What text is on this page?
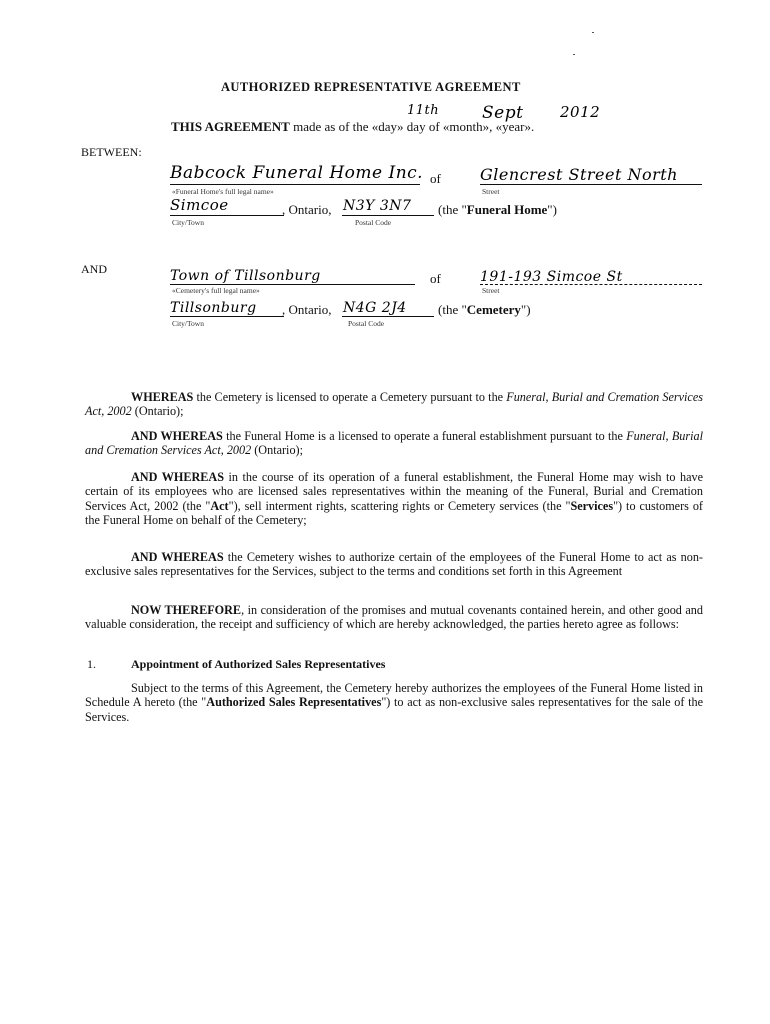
AUTHORIZED REPRESENTATIVE AGREEMENT
THIS AGREEMENT made as of the «day» day of «month», «year».
11th	Sept 2012
BETWEEN:
Babcock Funeral Home Inc. of Glencrest Street North
«Funeral Home's full legal name»	Street
Simcoe	, Ontario, N3Y 3N7 (the "Funeral Home")
City/Town	Postal Code
AND	Town of Tillsonburg	of	191-193 Simcoe St
«Cemetery's full legal name»	Street
Tillsonburg , Ontario, N4G 2J4 (the "Cemetery")
City/Town	Postal Code
WHEREAS the Cemetery is licensed to operate a Cemetery pursuant to the Funeral, Burial and Cremation Services Act, 2002 (Ontario);
AND WHEREAS the Funeral Home is a licensed to operate a funeral establishment pursuant to the Funeral, Burial and Cremation Services Act, 2002 (Ontario);
AND WHEREAS in the course of its operation of a funeral establishment, the Funeral Home may wish to have certain of its employees who are licensed sales representatives within the meaning of the Funeral, Burial and Cremation Services Act, 2002 (the "Act"), sell interment rights, scattering rights or Cemetery services (the "Services") to customers of the Funeral Home on behalf of the Cemetery;
AND WHEREAS the Cemetery wishes to authorize certain of the employees of the Funeral Home to act as non-exclusive sales representatives for the Services, subject to the terms and conditions set forth in this Agreement
NOW THEREFORE, in consideration of the promises and mutual covenants contained herein, and other good and valuable consideration, the receipt and sufficiency of which are hereby acknowledged, the parties hereto agree as follows:
1.	Appointment of Authorized Sales Representatives
Subject to the terms of this Agreement, the Cemetery hereby authorizes the employees of the Funeral Home listed in Schedule A hereto (the "Authorized Sales Representatives") to act as non-exclusive sales representatives for the sale of the Services.
